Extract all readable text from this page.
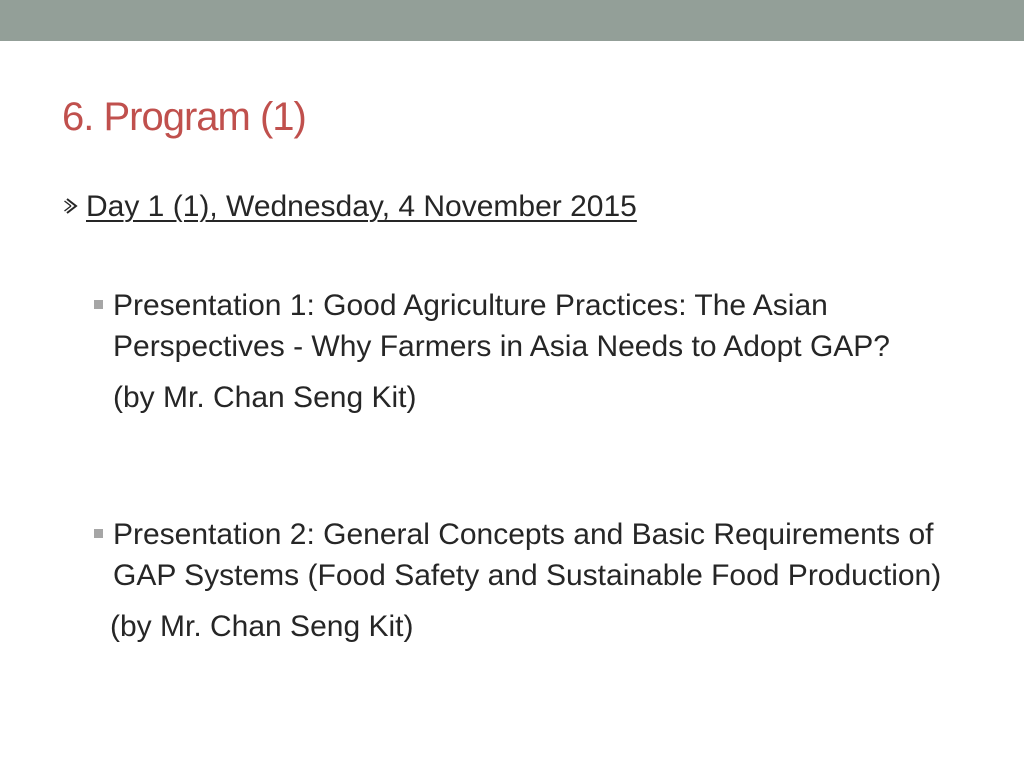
6. Program (1)
Day 1 (1), Wednesday, 4 November 2015

Presentation 1: Good Agriculture Practices: The Asian Perspectives - Why Farmers in Asia Needs to Adopt GAP?

(by Mr. Chan Seng Kit)

Presentation 2: General Concepts and Basic Requirements of GAP Systems (Food Safety and Sustainable Food Production)

(by Mr. Chan Seng Kit)
